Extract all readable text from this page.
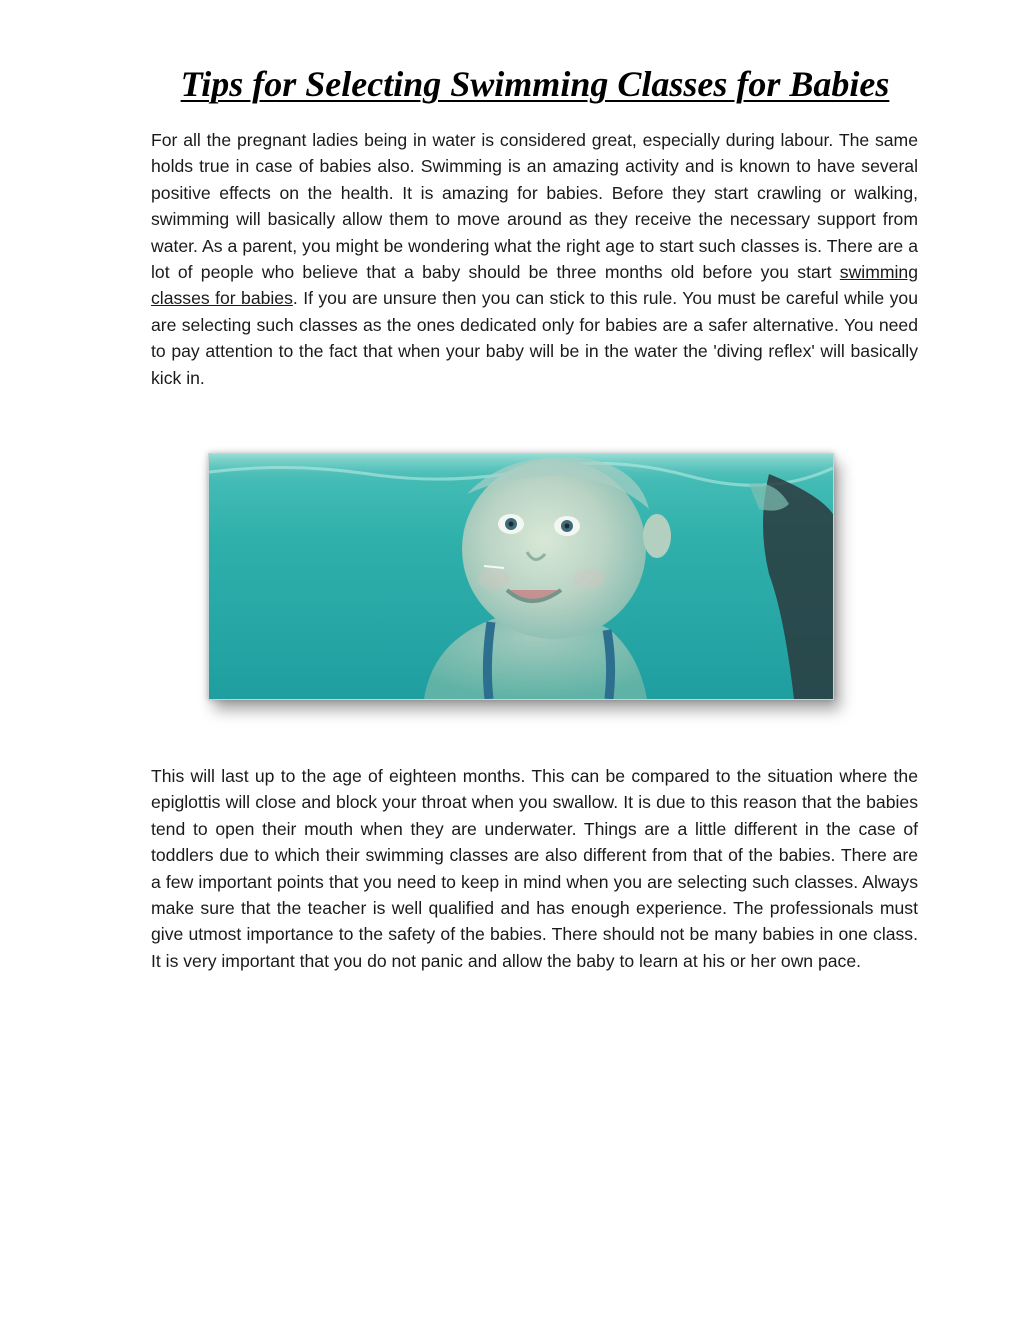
Tips for Selecting Swimming Classes for Babies

For all the pregnant ladies being in water is considered great, especially during labour. The same holds true in case of babies also. Swimming is an amazing activity and is known to have several positive effects on the health. It is amazing for babies. Before they start crawling or walking, swimming will basically allow them to move around as they receive the necessary support from water. As a parent, you might be wondering what the right age to start such classes is. There are a lot of people who believe that a baby should be three months old before you start swimming classes for babies. If you are unsure then you can stick to this rule. You must be careful while you are selecting such classes as the ones dedicated only for babies are a safer alternative. You need to pay attention to the fact that when your baby will be in the water the 'diving reflex' will basically kick in.

This will last up to the age of eighteen months. This can be compared to the situation where the      epiglottis will close and block your throat when you swallow. It is due to this reason that the babies tend to open their mouth when they are underwater. Things are a little different in the case of toddlers due to which their swimming classes are also different from that of the babies. There are a few important points that you need to keep in mind when you are selecting such classes. Always make sure that the teacher is well qualified and has enough experience. The professionals must give utmost importance to the safety of the babies. There should not be many babies in one class. It is very important that you do not panic and allow the baby to learn at his or her own pace.
